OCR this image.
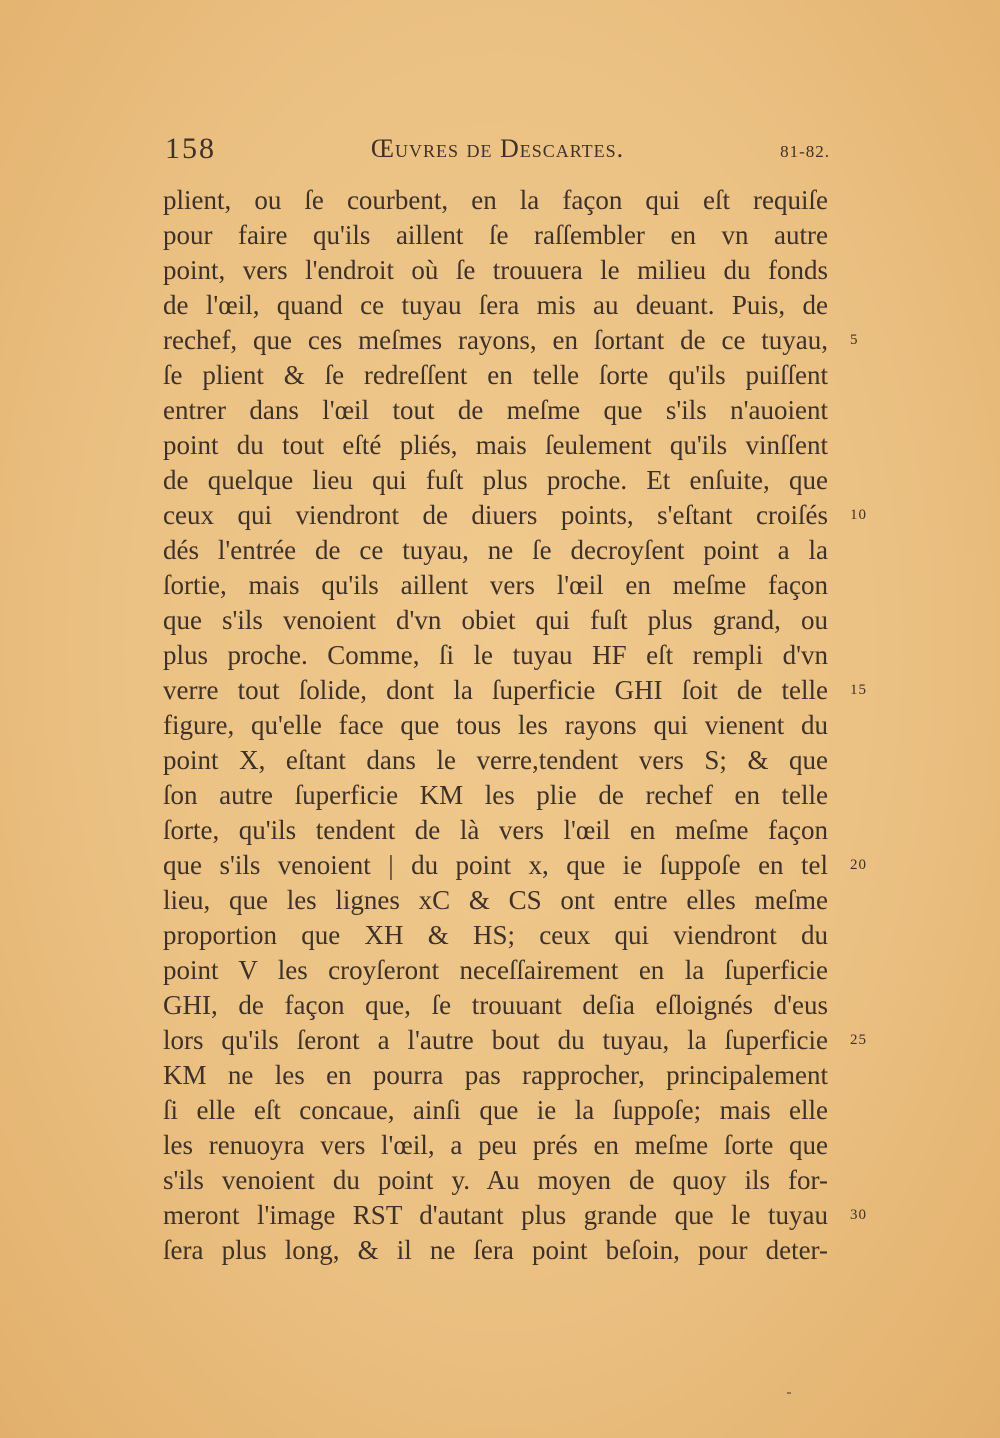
158	Œuvres de Descartes.	81-82.
plient, ou ſe courbent, en la façon qui eſt requiſe
pour faire qu'ils aillent ſe raſſembler en vn autre
point, vers l'endroit où ſe trouuera le milieu du fonds
de l'œil, quand ce tuyau ſera mis au deuant. Puis, de
rechef, que ces meſmes rayons, en ſortant de ce tuyau,
ſe plient & ſe redreſſent en telle ſorte qu'ils puiſſent
entrer dans l'œil tout de meſme que s'ils n'auoient
point du tout eſté pliés, mais ſeulement qu'ils vinſſent
de quelque lieu qui fuſt plus proche. Et enſuite, que
ceux qui viendront de diuers points, s'eſtant croiſés
dés l'entrée de ce tuyau, ne ſe decroyſent point a la
ſortie, mais qu'ils aillent vers l'œil en meſme façon
que s'ils venoient d'vn obiet qui fuſt plus grand, ou
plus proche. Comme, ſi le tuyau HF eſt rempli d'vn
verre tout ſolide, dont la ſuperficie GHI ſoit de telle
figure, qu'elle face que tous les rayons qui vienent du
point X, eſtant dans le verre,tendent vers S; & que
ſon autre ſuperficie KM les plie de rechef en telle
ſorte, qu'ils tendent de là vers l'œil en meſme façon
que s'ils venoient | du point x, que ie ſuppoſe en tel
lieu, que les lignes xC & CS ont entre elles meſme
proportion que XH & HS; ceux qui viendront du
point V les croyſeront neceſſairement en la ſuperficie
GHI, de façon que, ſe trouuant deſia eſloignés d'eus
lors qu'ils ſeront a l'autre bout du tuyau, la ſuperficie
KM ne les en pourra pas rapprocher, principalement
ſi elle eſt concaue, ainſi que ie la ſuppoſe; mais elle
les renuoyra vers l'œil, a peu prés en meſme ſorte que
s'ils venoient du point y. Au moyen de quoy ils for-
meront l'image RST d'autant plus grande que le tuyau
ſera plus long, & il ne ſera point beſoin, pour deter-
5
10
15
20
25
30
